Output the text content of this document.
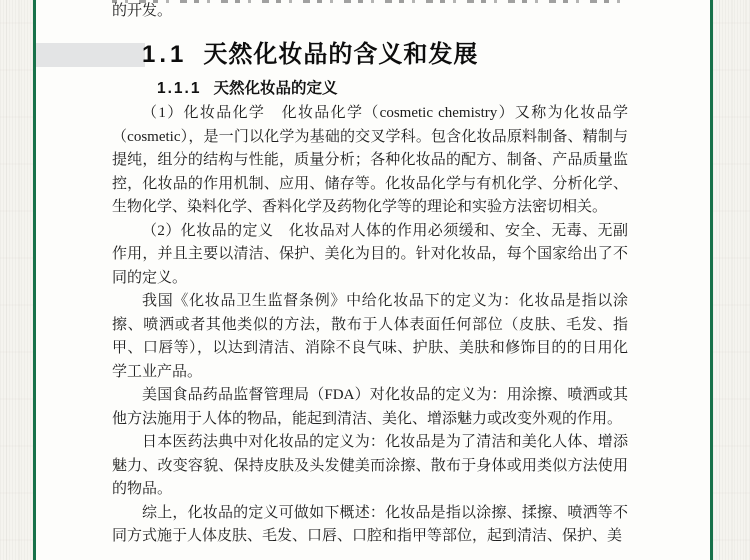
的开发。

1.1 天然化妆品的含义和发展
1.1.1 天然化妆品的定义

（1）化妆品化学　化妆品化学（cosmetic chemistry）又称为化妆品学（cosmetic），是一门以化学为基础的交叉学科。包含化妆品原料制备、精制与提纯，组分的结构与性能，质量分析；各种化妆品的配方、制备、产品质量监控，化妆品的作用机制、应用、储存等。化妆品化学与有机化学、分析化学、生物化学、染料化学、香料化学及药物化学等的理论和实验方法密切相关。

（2）化妆品的定义　化妆品对人体的作用必须缓和、安全、无毒、无副作用，并且主要以清洁、保护、美化为目的。针对化妆品，每个国家给出了不同的定义。

我国《化妆品卫生监督条例》中给化妆品下的定义为：化妆品是指以涂擦、喷洒或者其他类似的方法，散布于人体表面任何部位（皮肤、毛发、指甲、口唇等），以达到清洁、消除不良气味、护肤、美肤和修饰目的的日用化学工业产品。

美国食品药品监督管理局（FDA）对化妆品的定义为：用涂擦、喷洒或其他方法施用于人体的物品，能起到清洁、美化、增添魅力或改变外观的作用。

日本医药法典中对化妆品的定义为：化妆品是为了清洁和美化人体、增添魅力、改变容貌、保持皮肤及头发健美而涂擦、散布于身体或用类似方法使用的物品。

综上，化妆品的定义可做如下概述：化妆品是指以涂擦、揉擦、喷洒等不同方式施于人体皮肤、毛发、口唇、口腔和指甲等部位，起到清洁、保护、美
